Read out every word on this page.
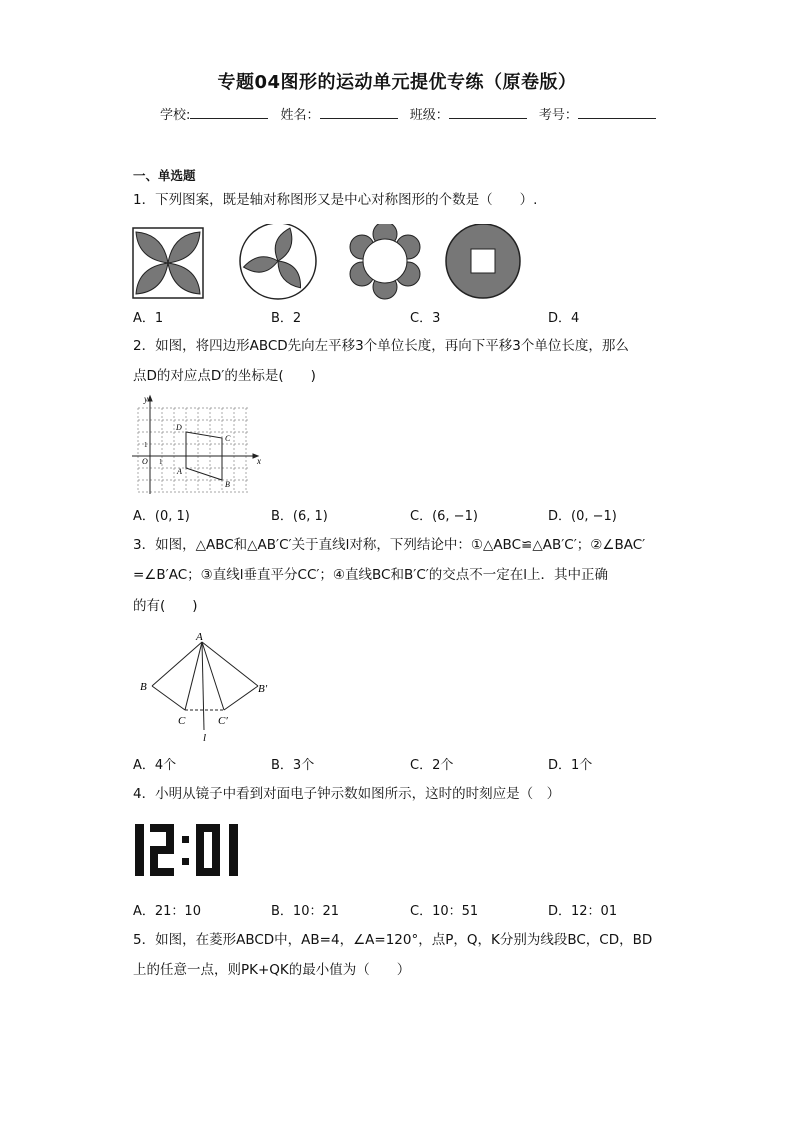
专题04图形的运动单元提优专练（原卷版）
学校:	姓名：	班级：	考号：
一、单选题
1．下列图案，既是轴对称图形又是中心对称图形的个数是（　　）.
A．1	B．2	C．3	D．4
2．如图，将四边形ABCD先向左平移3个单位长度，再向下平移3个单位长度，那么
点D的对应点D′的坐标是(　　)
y
x
O 1
1
D
C
A
B
A．(0, 1)	B．(6, 1)	C．(6, −1)	D．(0, −1)
3．如图，△ABC和△AB′C′关于直线l对称，下列结论中：①△ABC≌△AB′C′；②∠BAC′
=∠B′AC；③直线l垂直平分CC′；④直线BC和B′C′的交点不一定在l上．其中正确
的有(　　)
A
B
C
B′
C′
l
A．4个	B．3个	C．2个	D．1个
4．小明从镜子中看到对面电子钟示数如图所示，这时的时刻应是（　）
A．21：10	B．10：21	C．10：51	D．12：01
5．如图，在菱形ABCD中，AB=4，∠A=120°，点P，Q，K分别为线段BC，CD，BD
上的任意一点，则PK+QK的最小值为（　　）
